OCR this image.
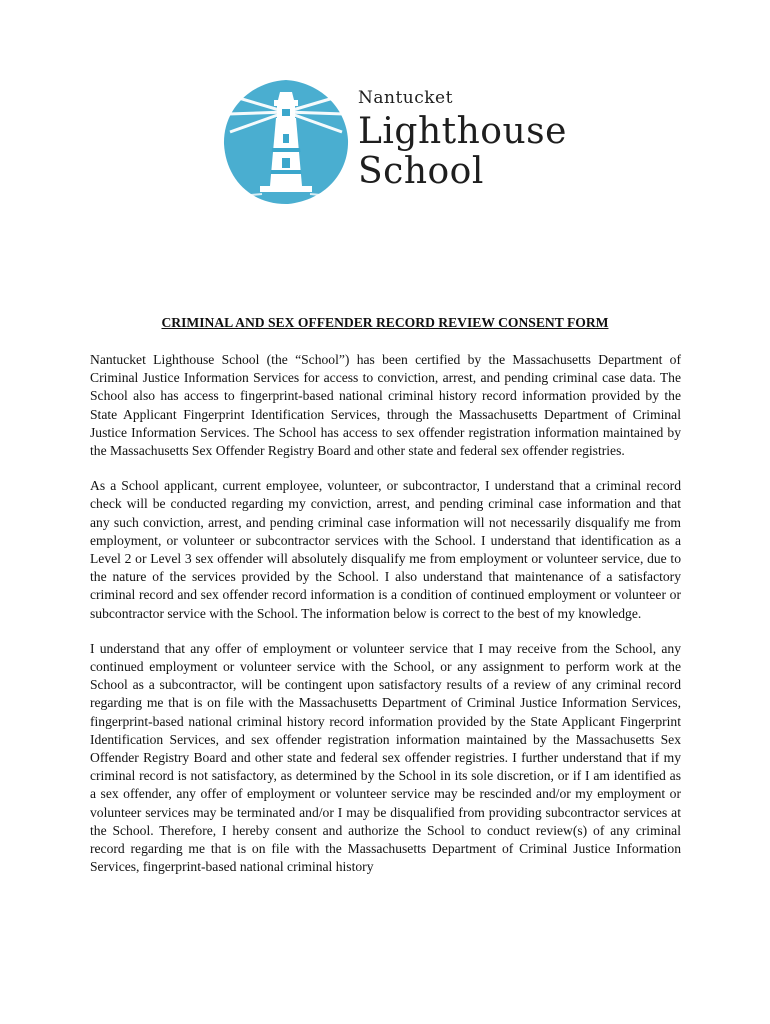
Nantucket
Lighthouse
School
CRIMINAL AND SEX OFFENDER RECORD REVIEW CONSENT FORM

Nantucket Lighthouse School (the “School”) has been certified by the Massachusetts Department of Criminal Justice Information Services for access to conviction, arrest, and pending criminal case data. The School also has access to fingerprint-based national criminal history record information provided by the State Applicant Fingerprint Identification Services, through the Massachusetts Department of Criminal Justice Information Services. The School has access to sex offender registration information maintained by the Massachusetts Sex Offender Registry Board and other state and federal sex offender registries.

As a School applicant, current employee, volunteer, or subcontractor, I understand that a criminal record check will be conducted regarding my conviction, arrest, and pending criminal case information and that any such conviction, arrest, and pending criminal case information will not necessarily disqualify me from employment, or volunteer or subcontractor services with the School. I understand that identification as a Level 2 or Level 3 sex offender will absolutely disqualify me from employment or volunteer service, due to the nature of the services provided by the School. I also understand that maintenance of a satisfactory criminal record and sex offender record information is a condition of continued employment or volunteer or subcontractor service with the School. The information below is correct to the best of my knowledge.

I understand that any offer of employment or volunteer service that I may receive from the School, any continued employment or volunteer service with the School, or any assignment to perform work at the School as a subcontractor, will be contingent upon satisfactory results of a review of any criminal record regarding me that is on file with the Massachusetts Department of Criminal Justice Information Services, fingerprint-based national criminal history record information provided by the State Applicant Fingerprint Identification Services, and sex offender registration information maintained by the Massachusetts Sex Offender Registry Board and other state and federal sex offender registries. I further understand that if my criminal record is not satisfactory, as determined by the School in its sole discretion, or if I am identified as a sex offender, any offer of employment or volunteer service may be rescinded and/or my employment or volunteer services may be terminated and/or I may be disqualified from providing subcontractor services at the School. Therefore, I hereby consent and authorize the School to conduct review(s) of any criminal record regarding me that is on file with the Massachusetts Department of Criminal Justice Information Services, fingerprint-based national criminal history
